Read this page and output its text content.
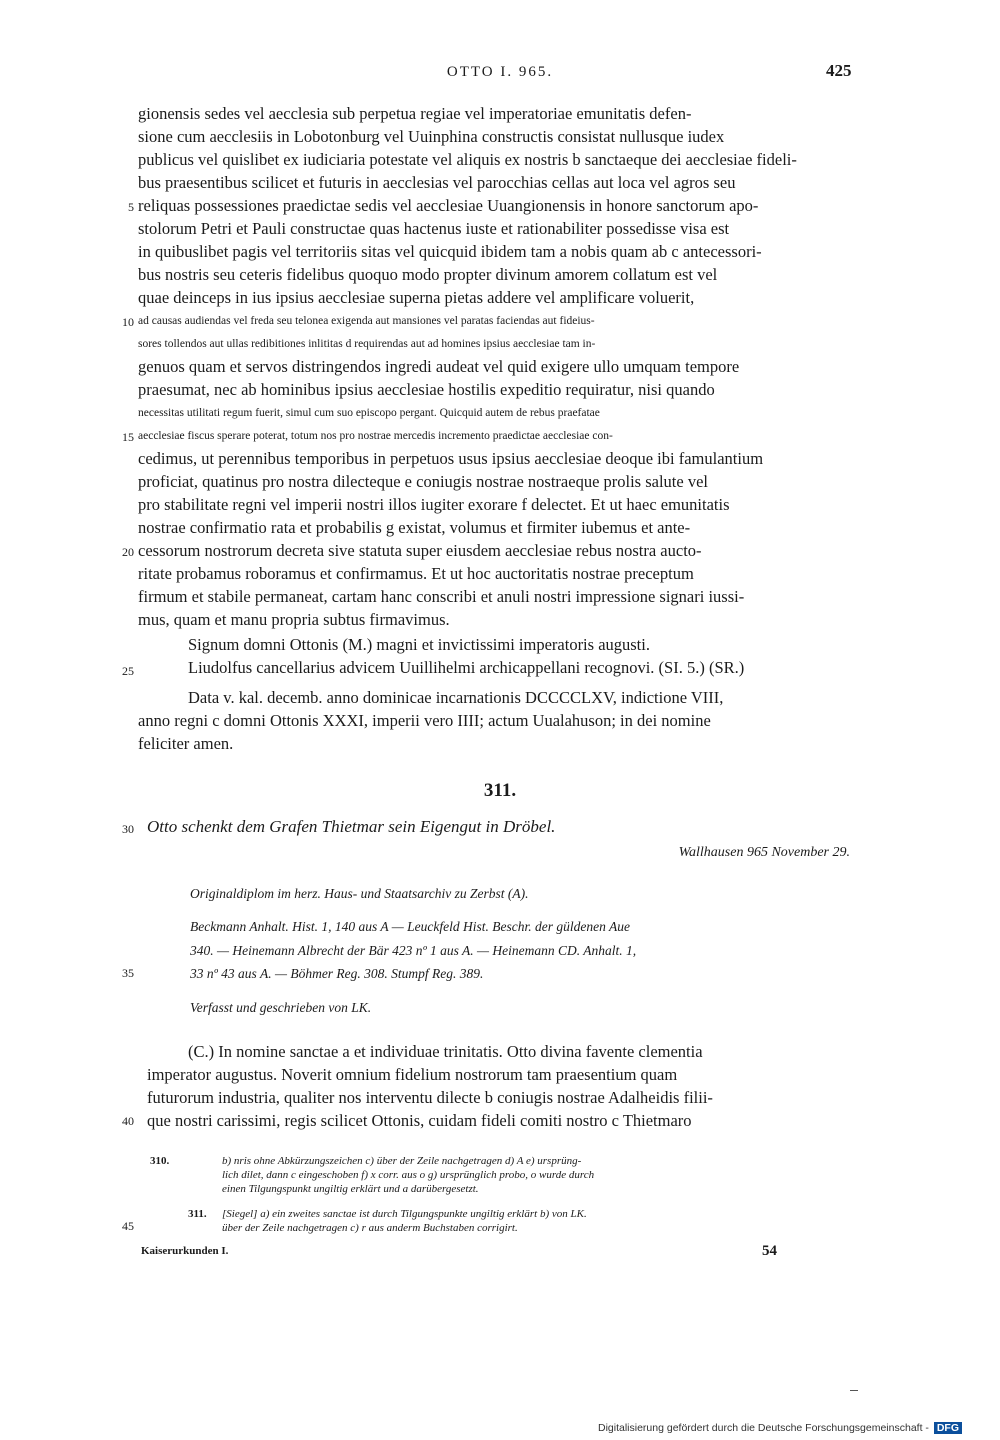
OTTO I. 965.	425
gionensis sedes vel aecclesia sub perpetua regiae vel imperatoriae emunitatis defen-
sione cum aecclesiis in Lobotonburg vel Uuinphina constructis consistat nullusque iudex
publicus vel quislibet ex iudiciaria potestate vel aliquis ex nostris b sanctaeque dei aecclesiae fideli-
bus praesentibus scilicet et futuris in aecclesias vel parocchias cellas aut loca vel agros seu
reliquas possessiones praedictae sedis vel aecclesiae Uuangionensis in honore sanctorum apo-
stolorum Petri et Pauli constructae quas hactenus iuste et rationabiliter possedisse visa est
in quibuslibet pagis vel territoriis sitas vel quicquid ibidem tam a nobis quam ab c antecessori-
bus nostris seu ceteris fidelibus quoquo modo propter divinum amorem collatum est vel
quae deinceps in ius ipsius aecclesiae superna pietas addere vel amplificare voluerit,
ad causas audiendas vel freda seu telonea exigenda aut mansiones vel paratas faciendas aut fideius-
sores tollendos aut ullas redibitiones inlititas d requirendas aut ad homines ipsius aecclesiae tam in-
genuos quam et servos distringendos ingredi audeat vel quid exigere ullo umquam tempore
praesumat, nec ab hominibus ipsius aecclesiae hostilis expeditio requiratur, nisi quando
necessitas utilitati regum fuerit, simul cum suo episcopo pergant. Quicquid autem de rebus praefatae
aecclesiae fiscus sperare poterat, totum nos pro nostrae mercedis incremento praedictae aecclesiae con-
cedimus, ut perennibus temporibus in perpetuos usus ipsius aecclesiae deoque ibi famulantium
proficiat, quatinus pro nostra dilecteque e coniugis nostrae nostraeque prolis salute vel
pro stabilitate regni vel imperii nostri illos iugiter exorare f delectet. Et ut haec emunitatis
nostrae confirmatio rata et probabilis g existat, volumus et firmiter iubemus et ante-
cessorum nostrorum decreta sive statuta super eiusdem aecclesiae rebus nostra aucto-
ritate probamus roboramus et confirmamus. Et ut hoc auctoritatis nostrae preceptum
firmum et stabile permaneat, cartam hanc conscribi et anuli nostri impressione signari iussi-
mus, quam et manu propria subtus firmavimus.
5
10
15
20
25
30
35
40
45
Signum domni Ottonis (M.) magni et invictissimi imperatoris augusti.
Liudolfus cancellarius advicem Uuillihelmi archicappellani recognovi. (SI. 5.) (SR.)
Data v. kal. decemb. anno dominicae incarnationis DCCCCLXV, indictione VIII,
anno regni c domni Ottonis XXXI, imperii vero IIII; actum Uualahuson; in dei nomine
feliciter amen.
311.
Otto schenkt dem Grafen Thietmar sein Eigengut in Dröbel.
Wallhausen 965 November 29.
Originaldiplom im herz. Haus- und Staatsarchiv zu Zerbst (A).
Beckmann Anhalt. Hist. 1, 140 aus A — Leuckfeld Hist. Beschr. der güldenen Aue
340. — Heinemann Albrecht der Bär 423 nº 1 aus A. — Heinemann CD. Anhalt. 1,
33 nº 43 aus A. — Böhmer Reg. 308. Stumpf Reg. 389.
Verfasst und geschrieben von LK.
(C.) In nomine sanctae a et individuae trinitatis. Otto divina favente clementia
imperator augustus. Noverit omnium fidelium nostrorum tam praesentium quam
futurorum industria, qualiter nos interventu dilecte b coniugis nostrae Adalheidis filii-
que nostri carissimi, regis scilicet Ottonis, cuidam fideli comiti nostro c Thietmaro
310.	b) nris ohne Abkürzungszeichen c) über der Zeile nachgetragen d) A e) ursprüng-
lich dilet, dann c eingeschoben f) x corr. aus o g) ursprünglich probo, o wurde durch
einen Tilgungspunkt ungiltig erklärt und a darübergesetzt.
311.	[Siegel] a) ein zweites sanctae ist durch Tilgungspunkte ungiltig erklärt b) von LK.
über der Zeile nachgetragen c) r aus anderm Buchstaben corrigirt.
Kaiserurkunden I.	54
Digitalisierung gefördert durch die Deutsche Forschungsgemeinschaft - DFG
